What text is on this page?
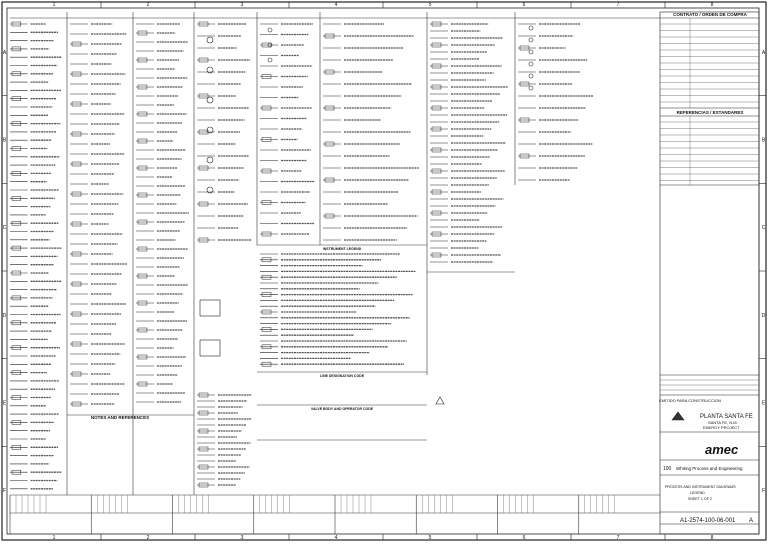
1
1
2
2
3
3
4
4
5
5
6
6
7
7
8
8
A	A
B	B
C	C
D	D
E	E
F	F
CONTRATO / ORDEN DE COMPRA
REFERENCIAS / ESTANDARES
EMITIDO PARA CONSTRUCCION
PLANTA SANTA FE
SANTA FE, N.M.
ENERGY PROJECT
amec
100 Whiting Process and Engineering
PROCESS AND INSTRUMENT DIAGRAMS
LEGEND
SHEET 1 OF 2
A1-2574-100-06-001 A
NOTES AND REFERENCES
INSTRUMENT LEGEND
LINE DESIGNATION CODE
VALVE BODY AND OPERATOR CODE
